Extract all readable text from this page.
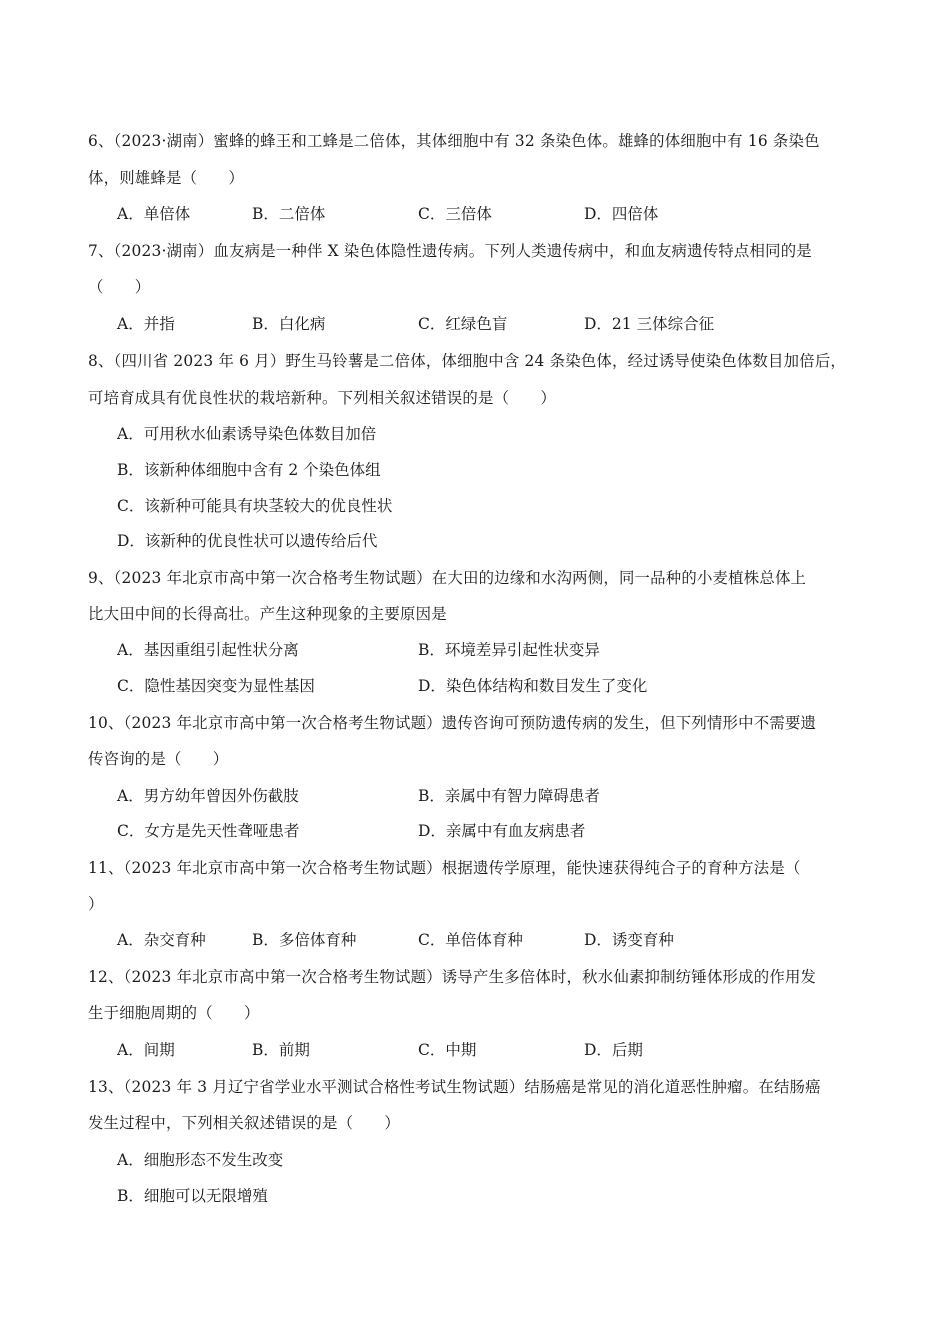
6、（2023·湖南）蜜蜂的蜂王和工蜂是二倍体，其体细胞中有 32 条染色体。雄蜂的体细胞中有 16 条染色
体，则雄蜂是（　　）
A．单倍体	B．二倍体	C．三倍体	D．四倍体
7、（2023·湖南）血友病是一种伴 X 染色体隐性遗传病。下列人类遗传病中，和血友病遗传特点相同的是
（　　）
A．并指	B．白化病	C．红绿色盲	D．21 三体综合征
8、（四川省 2023 年 6 月）野生马铃薯是二倍体，体细胞中含 24 条染色体，经过诱导使染色体数目加倍后，
可培育成具有优良性状的栽培新种。下列相关叙述错误的是（　　）
A．可用秋水仙素诱导染色体数目加倍
B．该新种体细胞中含有 2 个染色体组
C．该新种可能具有块茎较大的优良性状
D．该新种的优良性状可以遗传给后代
9、（2023 年北京市高中第一次合格考生物试题）在大田的边缘和水沟两侧，同一品种的小麦植株总体上
比大田中间的长得高壮。产生这种现象的主要原因是
A．基因重组引起性状分离	B．环境差异引起性状变异
C．隐性基因突变为显性基因	D．染色体结构和数目发生了变化
10、（2023 年北京市高中第一次合格考生物试题）遗传咨询可预防遗传病的发生，但下列情形中不需要遗
传咨询的是（　　）
A．男方幼年曾因外伤截肢	B．亲属中有智力障碍患者
C．女方是先天性聋哑患者	D．亲属中有血友病患者
11、（2023 年北京市高中第一次合格考生物试题）根据遗传学原理，能快速获得纯合子的育种方法是（
）
A．杂交育种	B．多倍体育种	C．单倍体育种	D．诱变育种
12、（2023 年北京市高中第一次合格考生物试题）诱导产生多倍体时，秋水仙素抑制纺锤体形成的作用发
生于细胞周期的（　　）
A．间期	B．前期	C．中期	D．后期
13、（2023 年 3 月辽宁省学业水平测试合格性考试生物试题）结肠癌是常见的消化道恶性肿瘤。在结肠癌
发生过程中，下列相关叙述错误的是（　　）
A．细胞形态不发生改变
B．细胞可以无限增殖
